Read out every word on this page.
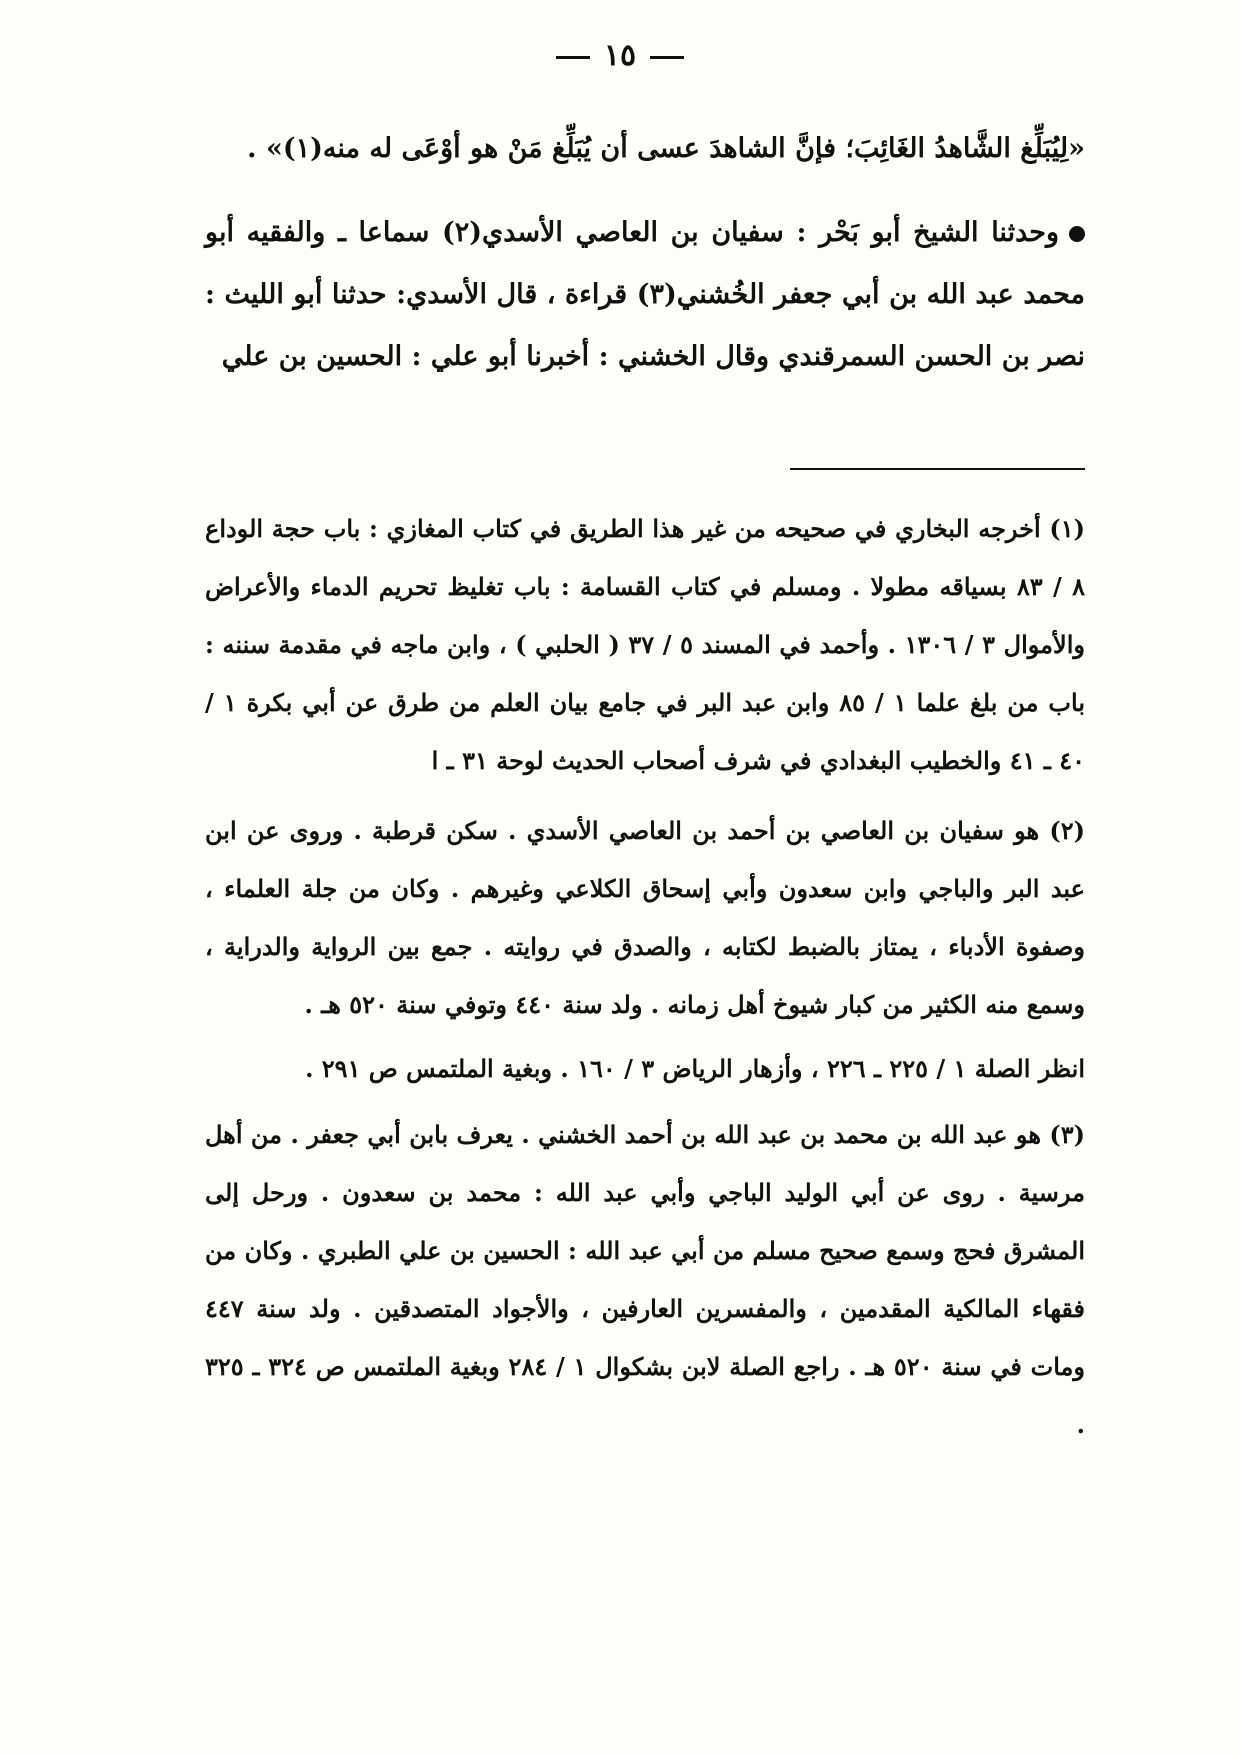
١٥

«لِيُبَلِّغ الشَّاهدُ الغَائِبَ؛ فإنَّ الشاهدَ عسى أن يُبَلِّغ مَنْ هو أوْعَى له منه(١)» .

وحدثنا الشيخ أبو بَحْر : سفيان بن العاصي الأسدي(٢) سماعا ـ والفقيه أبو محمد عبد الله بن أبي جعفر الخُشني(٣) قراءة ، قال الأسدي: حدثنا أبو الليث : نصر بن الحسن السمرقندي وقال الخشني : أخبرنا أبو علي : الحسين بن علي

(١) أخرجه البخاري في صحيحه من غير هذا الطريق في كتاب المغازي : باب حجة الوداع ٨ / ٨٣ بسياقه مطولا . ومسلم في كتاب القسامة : باب تغليظ تحريم الدماء والأعراض والأموال ٣ / ١٣٠٦ . وأحمد في المسند ٥ / ٣٧ ( الحلبي ) ، وابن ماجه في مقدمة سننه : باب من بلغ علما ١ / ٨٥ وابن عبد البر في جامع بيان العلم من طرق عن أبي بكرة ١ / ٤٠ ـ ٤١ والخطيب البغدادي في شرف أصحاب الحديث لوحة ٣١ ـ ا

(٢) هو سفيان بن العاصي بن أحمد بن العاصي الأسدي . سكن قرطبة . وروى عن ابن عبد البر والباجي وابن سعدون وأبي إسحاق الكلاعي وغيرهم . وكان من جلة العلماء ، وصفوة الأدباء ، يمتاز بالضبط لكتابه ، والصدق في روايته . جمع بين الرواية والدراية ، وسمع منه الكثير من كبار شيوخ أهل زمانه . ولد سنة ٤٤٠ وتوفي سنة ٥٢٠ هـ .

انظر الصلة ١ / ٢٢٥ ـ ٢٢٦ ، وأزهار الرياض ٣ / ١٦٠ . وبغية الملتمس ص ٢٩١ .

(٣) هو عبد الله بن محمد بن عبد الله بن أحمد الخشني . يعرف بابن أبي جعفر . من أهل مرسية . روى عن أبي الوليد الباجي وأبي عبد الله : محمد بن سعدون . ورحل إلى المشرق فحج وسمع صحيح مسلم من أبي عبد الله : الحسين بن علي الطبري . وكان من فقهاء المالكية المقدمين ، والمفسرين العارفين ، والأجواد المتصدقين . ولد سنة ٤٤٧ ومات في سنة ٥٢٠ هـ . راجع الصلة لابن بشكوال ١ / ٢٨٤ وبغية الملتمس ص ٣٢٤ ـ ٣٢٥ .
